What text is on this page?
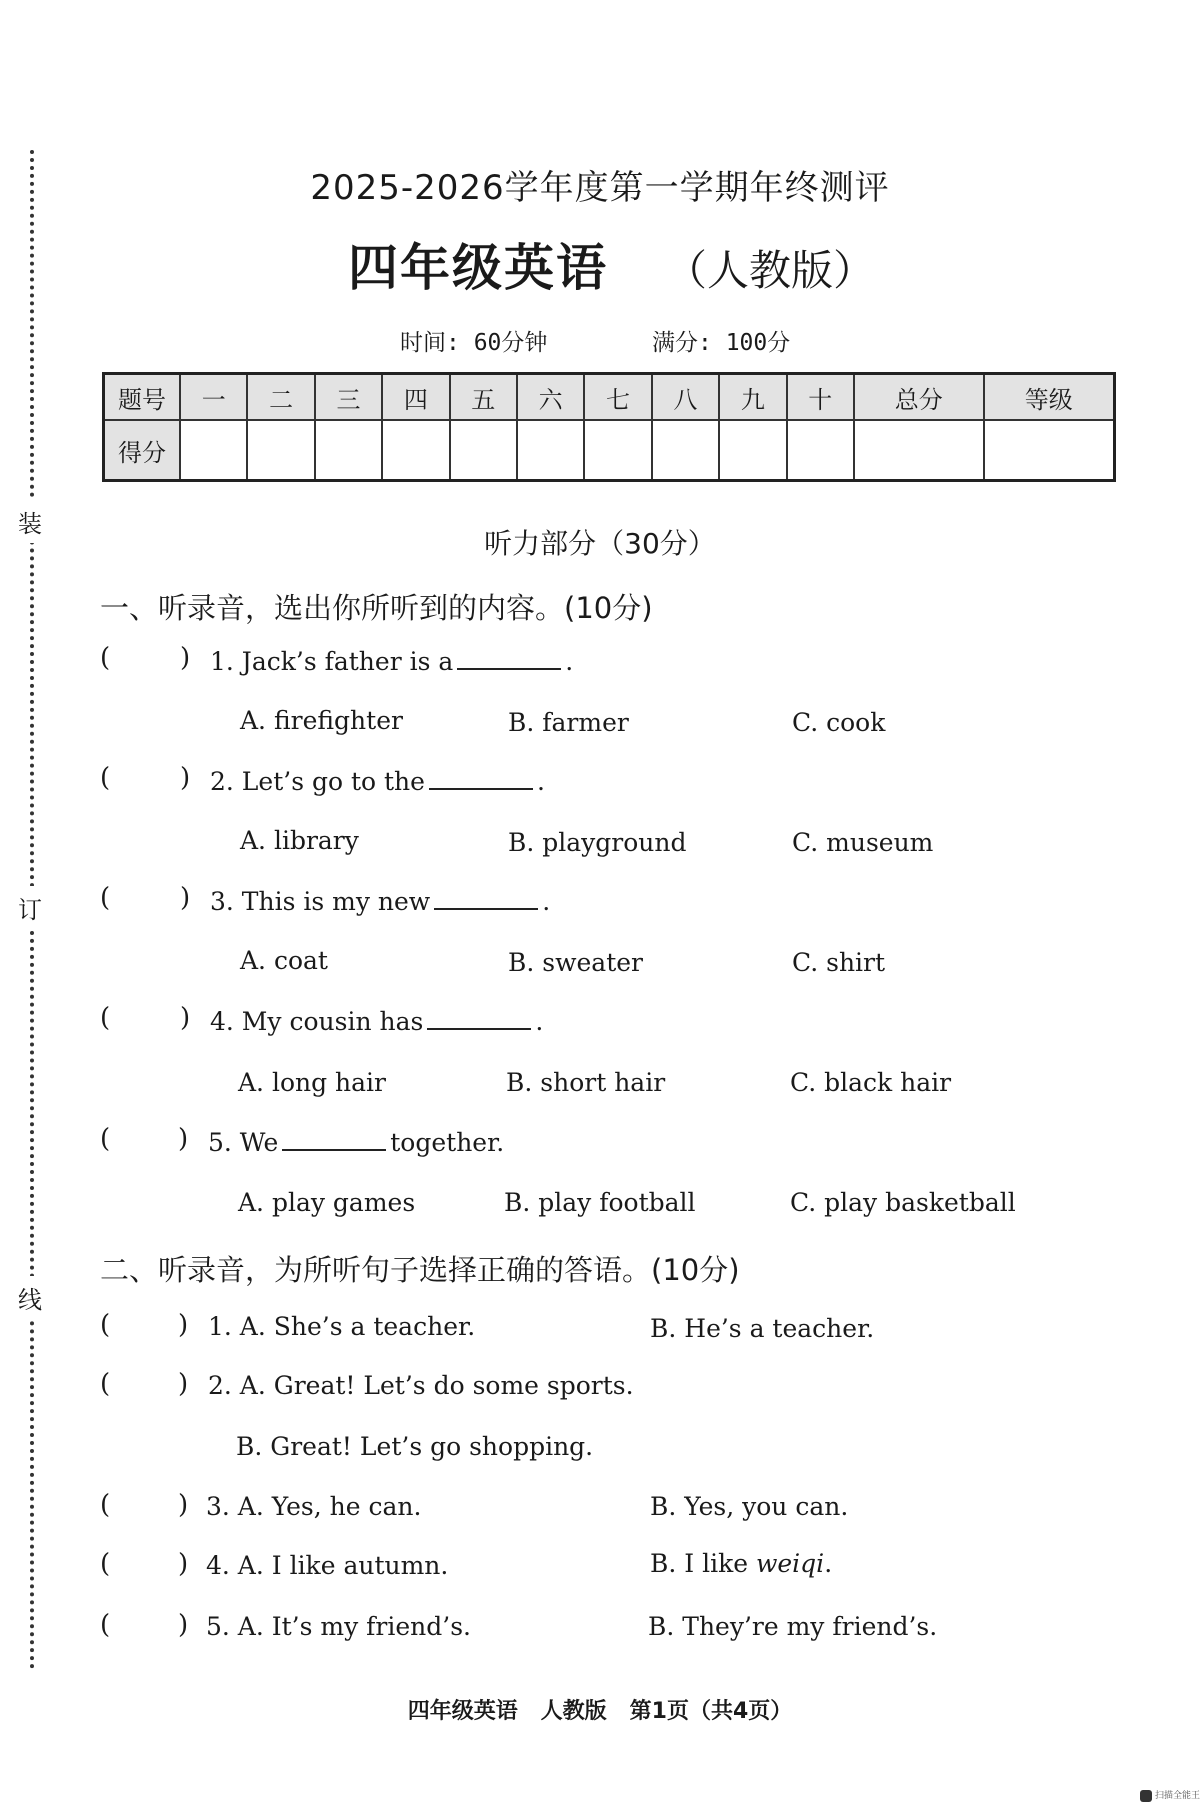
装
订
线
2025-2026学年度第一学期年终测评
四年级英语 （人教版）
时间: 60分钟	满分: 100分
题号	一	二	三	四	五	六	七	八	九	十	总分	等级
得分												
听力部分（30分）
一、听录音，选出你所听到的内容。(10分)
(	) 1. Jack’s father is a	.
A. firefighter	B. farmer	C. cook
(	) 2. Let’s go to the	.
A. library	B. playground	C. museum
(	) 3. This is my new	.
A. coat	B. sweater	C. shirt
(	) 4. My cousin has	.
A. long hair	B. short hair	C. black hair
(	) 5. We	together.
A. play games	B. play football	C. play basketball
二、听录音，为所听句子选择正确的答语。(10分)
(	) 1. A. She’s a teacher.	B. He’s a teacher.
(	) 2. A. Great! Let’s do some sports.
B. Great! Let’s go shopping.
(	) 3. A. Yes, he can.	B. Yes, you can.
(	) 4. A. I like autumn.	B. I like weiqi.
(	) 5. A. It’s my friend’s.	B. They’re my friend’s.
四年级英语   人教版   第1页（共4页）
扫描全能王
